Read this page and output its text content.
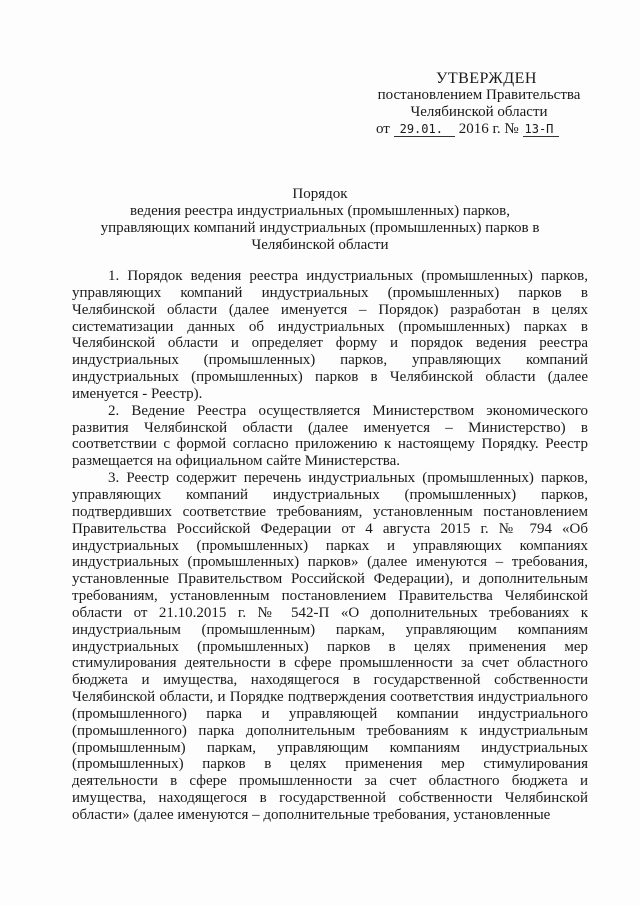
УТВЕРЖДЕН
постановлением Правительства
Челябинской области
от 29.01. 2016 г. № 13-П
Порядок
ведения реестра индустриальных (промышленных) парков,
управляющих компаний индустриальных (промышленных) парков в
Челябинской области

1. Порядок ведения реестра индустриальных (промышленных) парков, управляющих компаний индустриальных (промышленных) парков в Челябинской области (далее именуется – Порядок) разработан в целях систематизации данных об индустриальных (промышленных) парках в Челябинской области и определяет форму и порядок ведения реестра индустриальных (промышленных) парков, управляющих компаний индустриальных (промышленных) парков в Челябинской области (далее именуется - Реестр).

2. Ведение Реестра осуществляется Министерством экономического развития Челябинской области (далее именуется – Министерство) в соответствии с формой согласно приложению к настоящему Порядку. Реестр размещается на официальном сайте Министерства.

3. Реестр содержит перечень индустриальных (промышленных) парков, управляющих компаний индустриальных (промышленных) парков, подтвердивших соответствие требованиям, установленным постановлением Правительства Российской Федерации от 4 августа 2015 г. № 794 «Об индустриальных (промышленных) парках и управляющих компаниях индустриальных (промышленных) парков» (далее именуются – требования, установленные Правительством Российской Федерации), и дополнительным требованиям, установленным постановлением Правительства Челябинской области от 21.10.2015 г. № 542-П «О дополнительных требованиях к индустриальным (промышленным) паркам, управляющим компаниям индустриальных (промышленных) парков в целях применения мер стимулирования деятельности в сфере промышленности за счет областного бюджета и имущества, находящегося в государственной собственности Челябинской области, и Порядке подтверждения соответствия индустриального (промышленного) парка и управляющей компании индустриального (промышленного) парка дополнительным требованиям к индустриальным (промышленным) паркам, управляющим компаниям индустриальных (промышленных) парков в целях применения мер стимулирования деятельности в сфере промышленности за счет областного бюджета и имущества, находящегося в государственной собственности Челябинской области» (далее именуются – дополнительные требования, установленные
